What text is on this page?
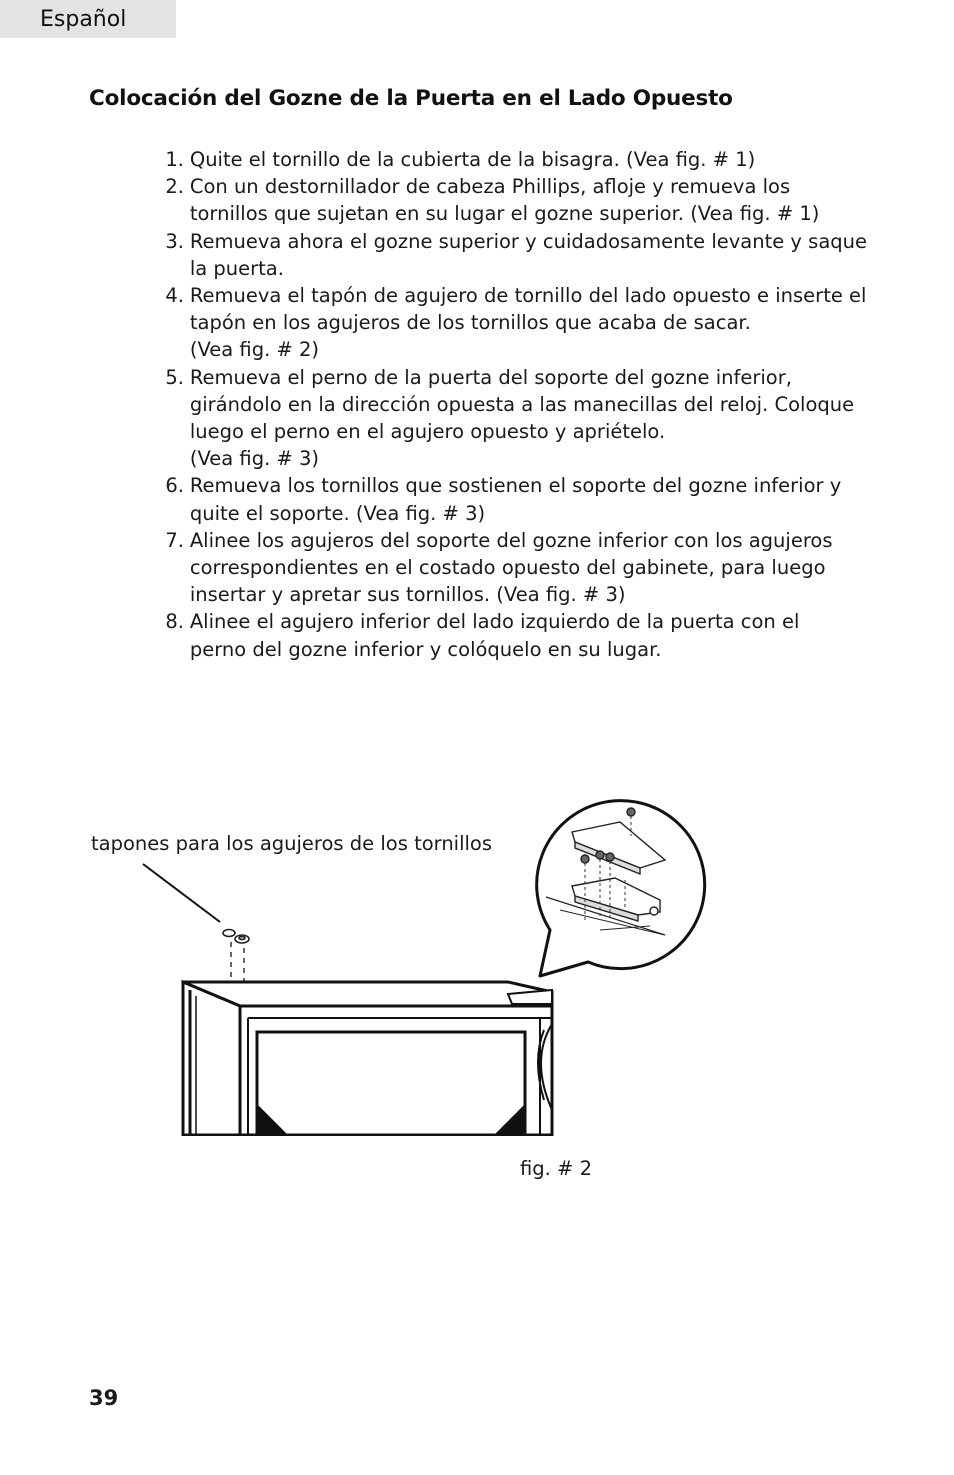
Español
Colocación del Gozne de la Puerta en el Lado Opuesto
1. Quite el tornillo de la cubierta de la bisagra. (Vea fig. # 1)
2. Con un destornillador de cabeza Phillips, afloje y remueva los
tornillos que sujetan en su lugar el gozne superior. (Vea fig. # 1)
3. Remueva ahora el gozne superior y cuidadosamente levante y saque
la puerta.
4. Remueva el tapón de agujero de tornillo del lado opuesto e inserte el
tapón en los agujeros de los tornillos que acaba de sacar.
(Vea fig. # 2)
5. Remueva el perno de la puerta del soporte del gozne inferior,
girándolo en la dirección opuesta a las manecillas del reloj. Coloque
luego el perno en el agujero opuesto y apriételo.
(Vea fig. # 3)
6. Remueva los tornillos que sostienen el soporte del gozne inferior y
quite el soporte. (Vea fig. # 3)
7. Alinee los agujeros del soporte del gozne inferior con los agujeros
correspondientes en el costado opuesto del gabinete, para luego
insertar y apretar sus tornillos. (Vea fig. # 3)
8. Alinee el agujero inferior del lado izquierdo de la puerta con el
perno del gozne inferior y colóquelo en su lugar.
tapones para los agujeros de los tornillos
fig. # 2
39
